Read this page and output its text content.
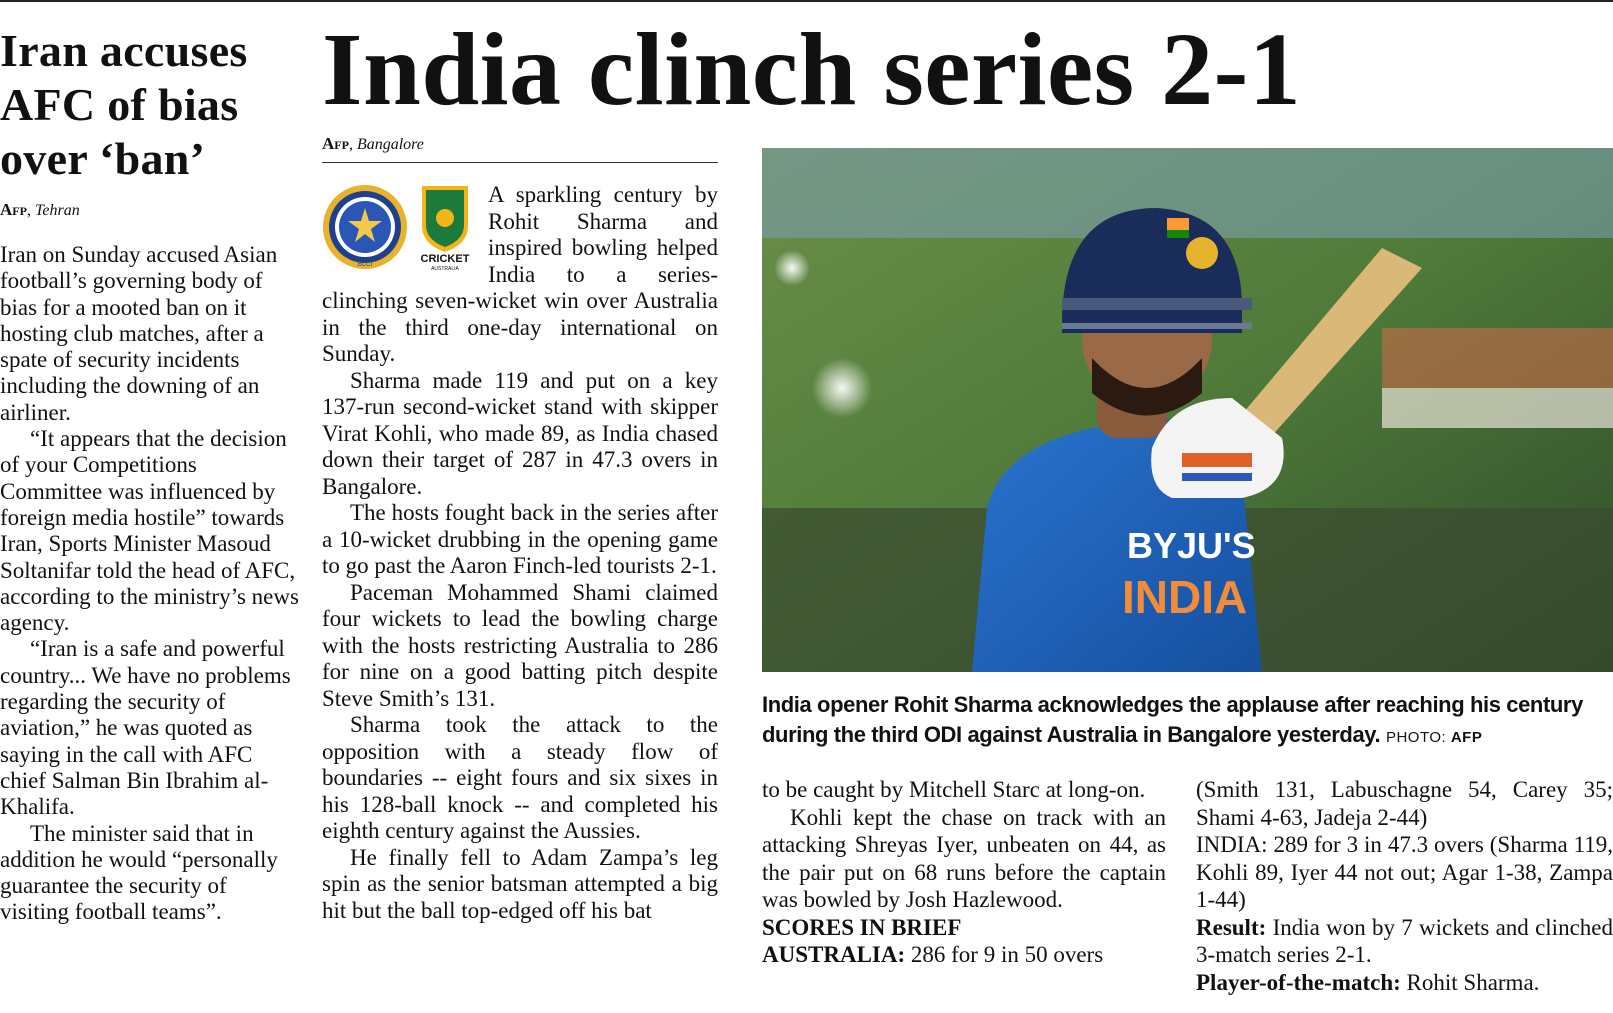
Iran accuses AFC of bias over ‘ban’
Afp, Tehran

Iran on Sunday accused Asian football’s governing body of bias for a mooted ban on it hosting club matches, after a spate of security incidents including the downing of an airliner.

“It appears that the decision of your Competitions Committee was influenced by foreign media hostile” towards Iran, Sports Minister Masoud Soltanifar told the head of AFC, according to the ministry’s news agency.

“Iran is a safe and powerful country... We have no problems regarding the security of aviation,” he was quoted as saying in the call with AFC chief Salman Bin Ibrahim al-Khalifa.

The minister said that in addition he would “personally guarantee the security of visiting football teams”.

India clinch series 2-1
Afp, Bangalore
BCCI	CRICKET
AUSTRALIA

A sparkling century by Rohit Sharma and inspired bowling helped India to a series-clinching seven-wicket win over Australia in the third one-day international on Sunday.

Sharma made 119 and put on a key 137-run second-wicket stand with skipper Virat Kohli, who made 89, as India chased down their target of 287 in 47.3 overs in Bangalore.

The hosts fought back in the series after a 10-wicket drubbing in the opening game to go past the Aaron Finch-led tourists 2-1.

Paceman Mohammed Shami claimed four wickets to lead the bowling charge with the hosts restricting Australia to 286 for nine on a good batting pitch despite Steve Smith’s 131.

Sharma took the attack to the opposition with a steady flow of boundaries -- eight fours and six sixes in his 128-ball knock -- and completed his eighth century against the Aussies.

He finally fell to Adam Zampa’s leg spin as the senior batsman attempted a big hit but the ball top-edged off his bat

BYJU'S
INDIA
India opener Rohit Sharma acknowledges the applause after reaching his century during the third ODI against Australia in Bangalore yesterday. PHOTO: AFP

to be caught by Mitchell Starc at long-on.

Kohli kept the chase on track with an attacking Shreyas Iyer, unbeaten on 44, as the pair put on 68 runs before the captain was bowled by Josh Hazlewood.

SCORES IN BRIEF

AUSTRALIA: 286 for 9 in 50 overs

(Smith 131, Labuschagne 54, Carey 35; Shami 4-63, Jadeja 2-44)

INDIA: 289 for 3 in 47.3 overs (Sharma 119, Kohli 89, Iyer 44 not out; Agar 1-38, Zampa 1-44)

Result: India won by 7 wickets and clinched 3-match series 2-1.

Player-of-the-match: Rohit Sharma.
